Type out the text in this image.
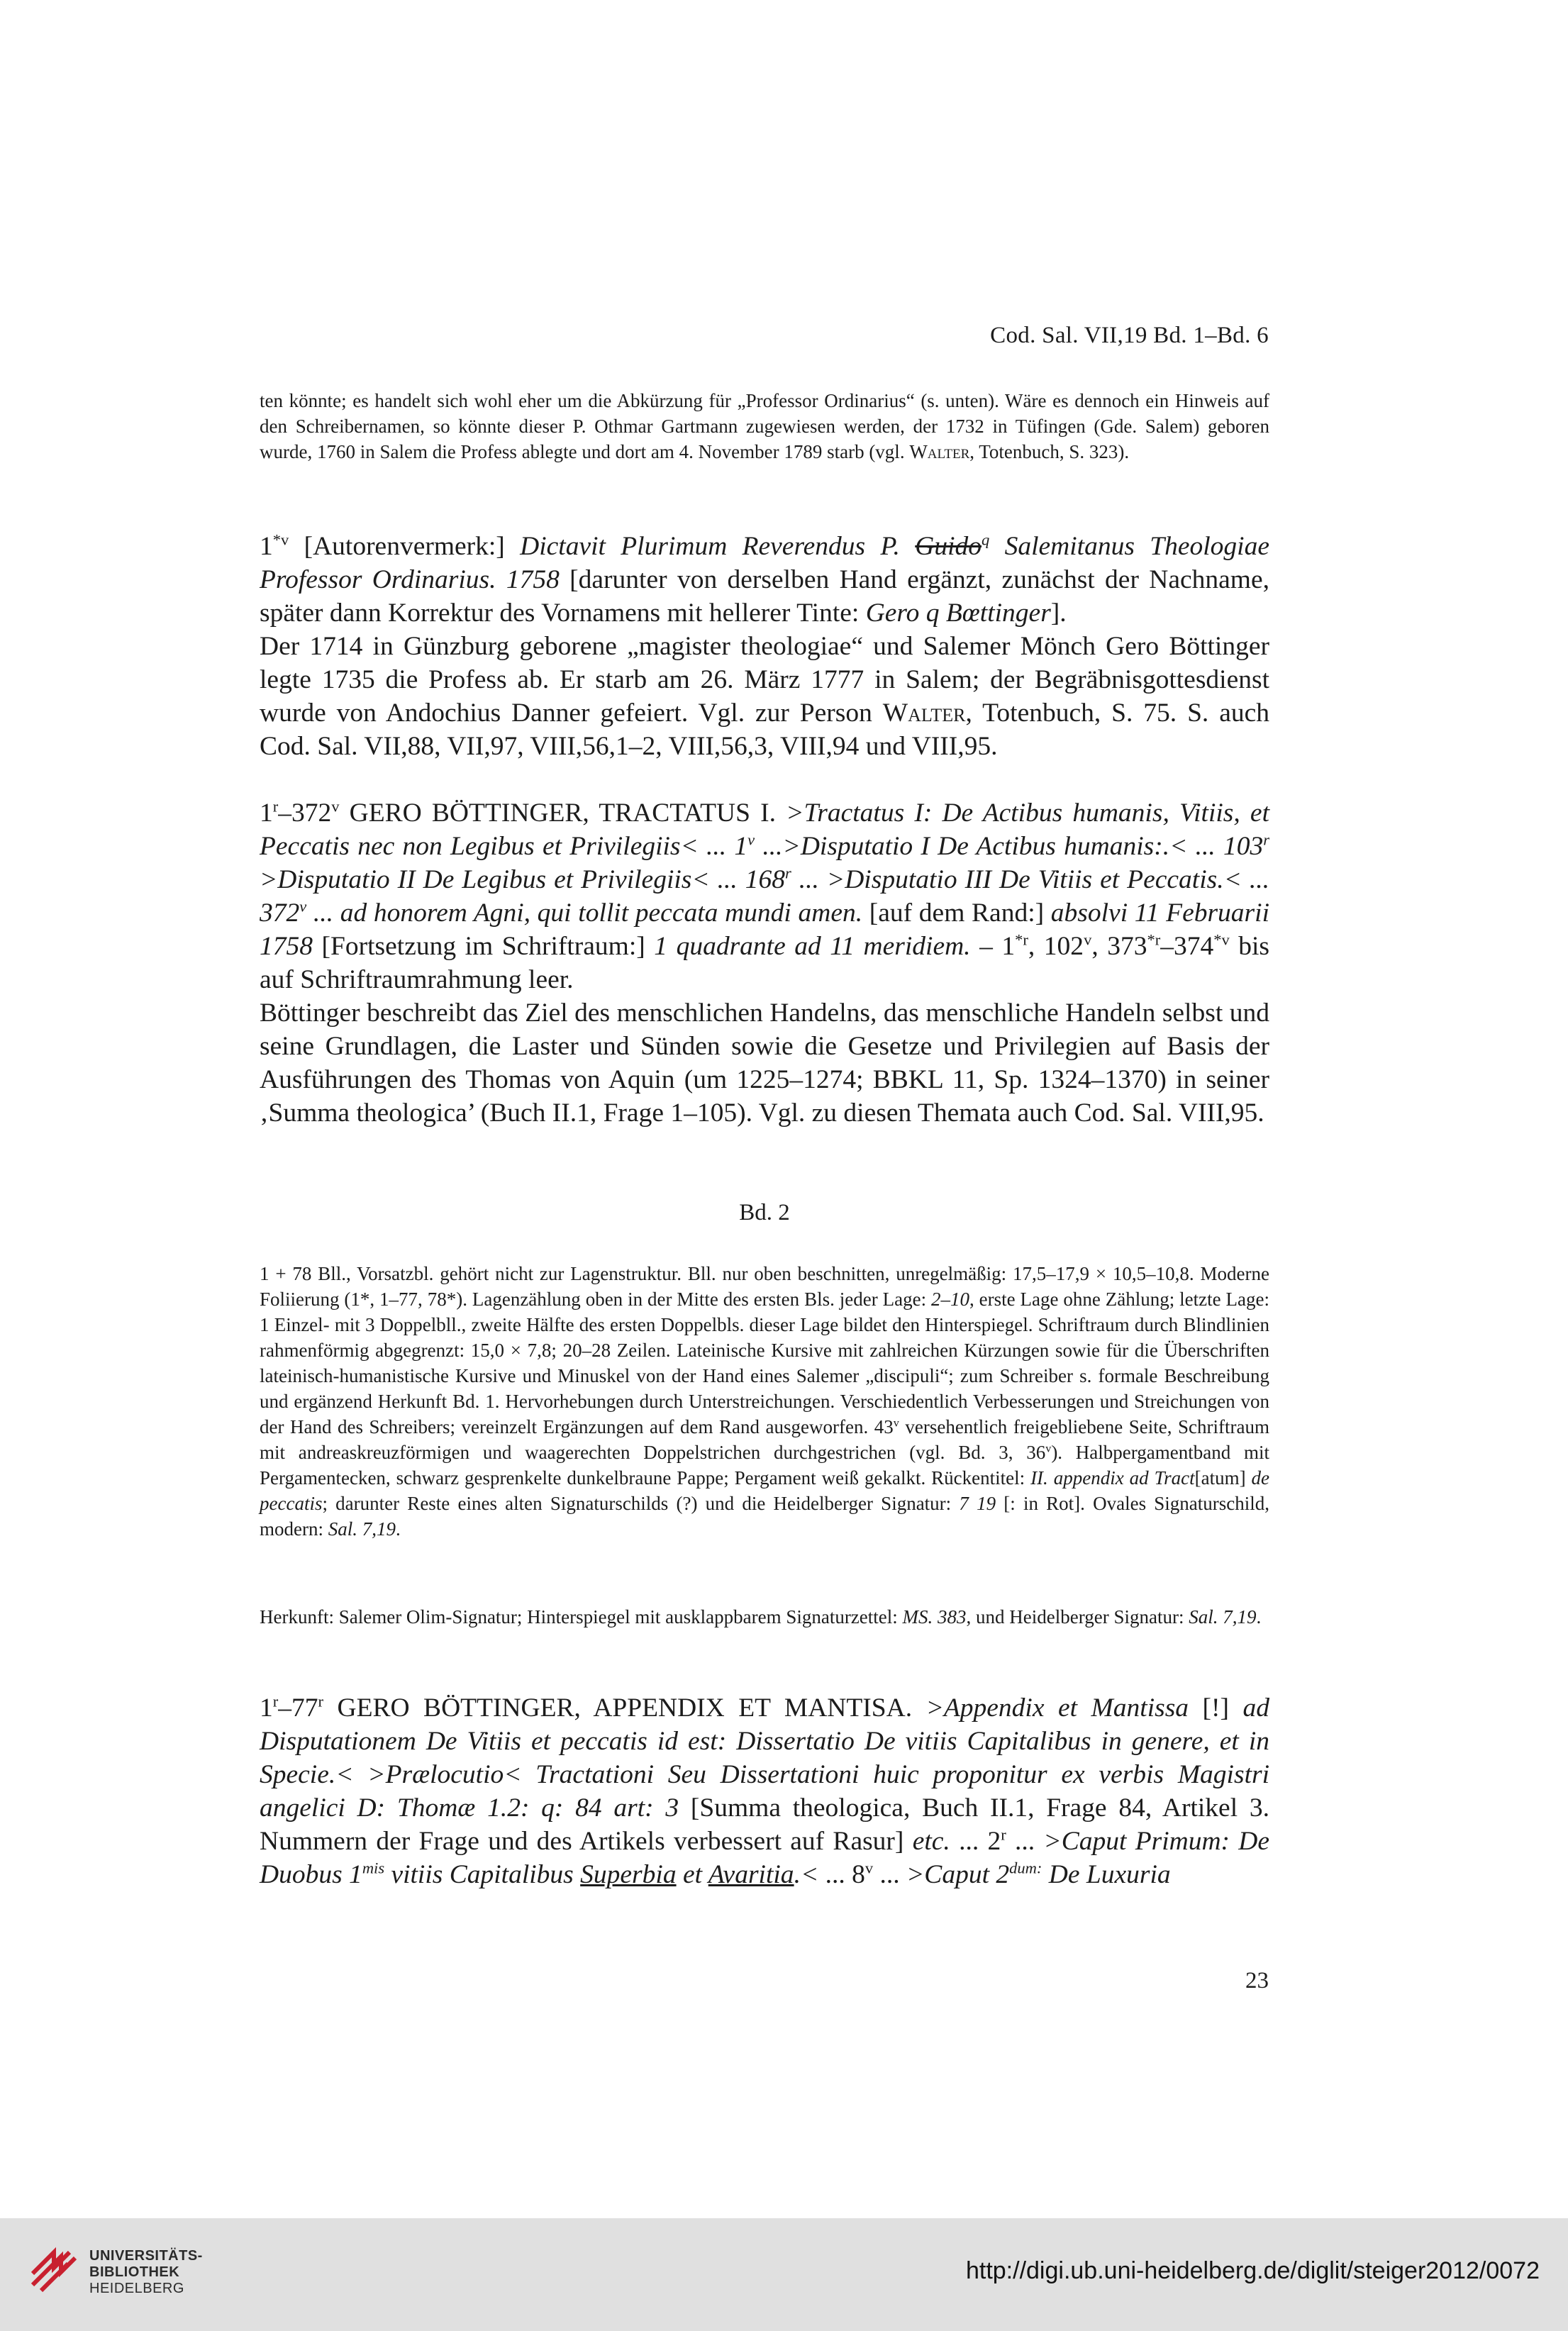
Cod. Sal. VII,19 Bd. 1–Bd. 6

ten könnte; es handelt sich wohl eher um die Abkürzung für „Professor Ordinarius“ (s. unten). Wäre es dennoch ein Hinweis auf den Schreibernamen, so könnte dieser P. Othmar Gartmann zugewiesen werden, der 1732 in Tüfingen (Gde. Salem) geboren wurde, 1760 in Salem die Profess ablegte und dort am 4. November 1789 starb (vgl. Walter, Totenbuch, S. 323).

1$^{*v}$ [Autorenvermerk:] Dictavit Plurimum Reverendus P. Guido$^q$ Salemitanus Theologiae Professor Ordinarius. 1758 [darunter von derselben Hand ergänzt, zunächst der Nachname, später dann Korrektur des Vornamens mit hellerer Tinte: Gero q Bœttinger].

Der 1714 in Günzburg geborene „magister theologiae“ und Salemer Mönch Gero Böttinger legte 1735 die Profess ab. Er starb am 26. März 1777 in Salem; der Begräbnisgottesdienst wurde von Andochius Danner gefeiert. Vgl. zur Person Walter, Totenbuch, S. 75. S. auch Cod. Sal. VII,88, VII,97, VIII,56,1–2, VIII,56,3, VIII,94 und VIII,95.

1$^r$–372$^v$ GERO BÖTTINGER, TRACTATUS I. >Tractatus I: De Actibus humanis, Vitiis, et Peccatis nec non Legibus et Privilegiis< ... 1$^v$ ...>Disputatio I De Actibus humanis:.< ... $103^r$ >Disputatio II De Legibus et Privilegiis< ... 168$^r$ ... >Disputatio III De Vitiis et Peccatis.< ... 372$^v$ ... ad honorem Agni, qui tollit peccata mundi amen. [auf dem Rand:] absolvi 11 Februarii 1758 [Fortsetzung im Schriftraum:] 1 quadrante ad 11 meridiem. – 1$^{*r}$, 102$^v$, 373$^{*r}$–374$^{*v}$ bis auf Schriftraumrahmung leer.

Böttinger beschreibt das Ziel des menschlichen Handelns, das menschliche Handeln selbst und seine Grundlagen, die Laster und Sünden sowie die Gesetze und Privilegien auf Basis der Ausführungen des Thomas von Aquin (um 1225–1274; BBKL 11, Sp. 1324–1370) in seiner ‚Summa theologica’ (Buch II.1, Frage 1–105). Vgl. zu diesen Themata auch Cod. Sal. VIII,95.

Bd. 2

1 + 78 Bll., Vorsatzbl. gehört nicht zur Lagenstruktur. Bll. nur oben beschnitten, unregelmäßig: 17,5–17,9 × 10,5–10,8. Moderne Foliierung (1*, 1–77, 78*). Lagenzählung oben in der Mitte des ersten Bls. jeder Lage: 2–10, erste Lage ohne Zählung; letzte Lage: 1 Einzel- mit 3 Doppelbll., zweite Hälfte des ersten Doppelbls. dieser Lage bildet den Hinterspiegel. Schriftraum durch Blindlinien rahmenförmig abgegrenzt: 15,0 × 7,8; 20–28 Zeilen. Lateinische Kursive mit zahlreichen Kürzungen sowie für die Überschriften lateinisch-humanistische Kursive und Minuskel von der Hand eines Salemer „discipuli“; zum Schreiber s. formale Beschreibung und ergänzend Herkunft Bd. 1. Hervorhebungen durch Unterstreichungen. Verschiedentlich Verbesserungen und Streichungen von der Hand des Schreibers; vereinzelt Ergänzungen auf dem Rand ausgeworfen. 43$^v$ versehentlich freigebliebene Seite, Schriftraum mit andreaskreuzförmigen und waagerechten Doppelstrichen durchgestrichen (vgl. Bd. 3, 36$^v$). Halbpergamentband mit Pergamentecken, schwarz gesprenkelte dunkelbraune Pappe; Pergament weiß gekalkt. Rückentitel: II. appendix ad Tract[atum] de peccatis; darunter Reste eines alten Signaturschilds (?) und die Heidelberger Signatur: 7 19 [: in Rot]. Ovales Signaturschild, modern: Sal. 7,19.

Herkunft: Salemer Olim-Signatur; Hinterspiegel mit ausklappbarem Signaturzettel: MS. 383, und Heidelberger Signatur: Sal. 7,19.

1$^r$–77$^r$ GERO BÖTTINGER, APPENDIX ET MANTISA. >Appendix et Mantissa [!] ad Disputationem De Vitiis et peccatis id est: Dissertatio De vitiis Capitalibus in genere, et in Specie.< >Prælocutio< Tractationi Seu Dissertationi huic proponitur ex verbis Magistri angelici D: Thomæ 1.2: q: 84 art: 3 [Summa theologica, Buch II.1, Frage 84, Artikel 3. Nummern der Frage und des Artikels verbessert auf Rasur] etc. ... 2$^r$ ... >Caput Primum: De Duobus $1^{mis}$ vitiis Capitalibus Superbia et Avaritia.< ... 8$^v$ ... >Caput $2^{dum:}$ De Luxuria

23
UNIVERSITÄTS-
BIBLIOTHEK
HEIDELBERG
http://digi.ub.uni-heidelberg.de/diglit/steiger2012/0072
